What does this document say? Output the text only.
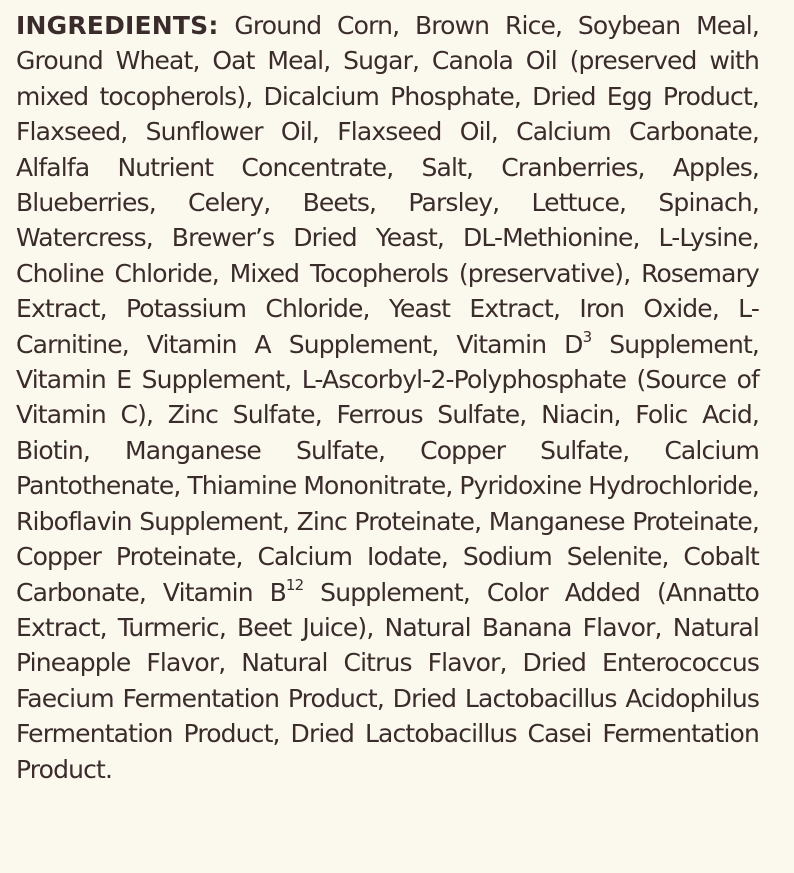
INGREDIENTS: Ground Corn, Brown Rice, Soybean Meal, Ground Wheat, Oat Meal, Sugar, Canola Oil (preserved with mixed tocopherols), Dicalcium Phosphate, Dried Egg Product, Flaxseed, Sunflower Oil, Flaxseed Oil, Calcium Carbonate, Alfalfa Nutrient Concentrate, Salt, Cranberries, Apples, Blueberries, Celery, Beets, Parsley, Lettuce, Spinach, Watercress, Brewer’s Dried Yeast, DL-Methionine, L-Lysine, Choline Chloride, Mixed Tocopherols (preservative), Rosemary Extract, Potassium Chloride, Yeast Extract, Iron Oxide, L-Carnitine, Vitamin A Supplement, Vitamin $D^3$ Supplement, Vitamin E Supplement, L-Ascorbyl-2-Polyphosphate (Source of Vitamin C), Zinc Sulfate, Ferrous Sulfate, Niacin, Folic Acid, Biotin, Manganese Sulfate, Copper Sulfate, Calcium Pantothenate, Thiamine Mononitrate, Pyridoxine Hydrochloride, Riboflavin Supplement, Zinc Proteinate, Manganese Proteinate, Copper Proteinate, Calcium Iodate, Sodium Selenite, Cobalt Carbonate, Vitamin $B^{12}$ Supplement, Color Added (Annatto Extract, Turmeric, Beet Juice), Natural Banana Flavor, Natural Pineapple Flavor, Natural Citrus Flavor, Dried Enterococcus Faecium Fermentation Product, Dried Lactobacillus Acidophilus Fermentation Product, Dried Lactobacillus Casei Fermentation Product.
